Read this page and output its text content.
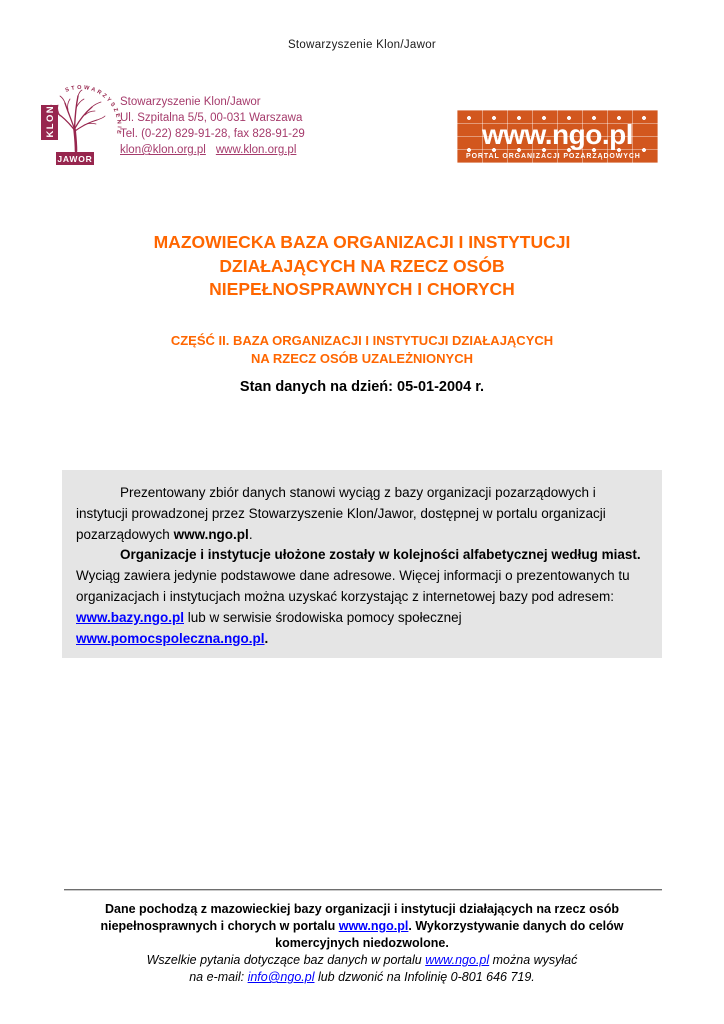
Stowarzyszenie Klon/Jawor
STOWARZYSZENIE
KLON
JAWOR
Stowarzyszenie Klon/Jawor
Ul. Szpitalna 5/5, 00-031 Warszawa
Tel. (0-22) 829-91-28, fax 828-91-29
klon@klon.org.pl www.klon.org.pl	www.ngo.pl
PORTAL ORGANIZACJI POZARZĄDOWYCH
MAZOWIECKA BAZA ORGANIZACJI I INSTYTUCJI
DZIAŁAJĄCYCH NA RZECZ OSÓB
NIEPEŁNOSPRAWNYCH I CHORYCH
CZĘŚĆ II. BAZA ORGANIZACJI I INSTYTUCJI DZIAŁAJĄCYCH
NA RZECZ OSÓB UZALEŻNIONYCH
Stan danych na dzień: 05-01-2004 r.

Prezentowany zbiór danych stanowi wyciąg z bazy organizacji pozarządowych i instytucji prowadzonej przez Stowarzyszenie Klon/Jawor, dostępnej w portalu organizacji pozarządowych www.ngo.pl.

Organizacje i instytucje ułożone zostały w kolejności alfabetycznej według miast. Wyciąg zawiera jedynie podstawowe dane adresowe. Więcej informacji o prezentowanych tu organizacjach i instytucjach można uzyskać korzystając z internetowej bazy pod adresem: www.bazy.ngo.pl lub w serwisie środowiska pomocy społecznej www.pomocspoleczna.ngo.pl.

Dane pochodzą z mazowieckiej bazy organizacji i instytucji działających na rzecz osób niepełnosprawnych i chorych w portalu www.ngo.pl. Wykorzystywanie danych do celów komercyjnych niedozwolone.
Wszelkie pytania dotyczące baz danych w portalu www.ngo.pl można wysyłać
na e-mail: info@ngo.pl lub dzwonić na Infolinię 0-801 646 719.
